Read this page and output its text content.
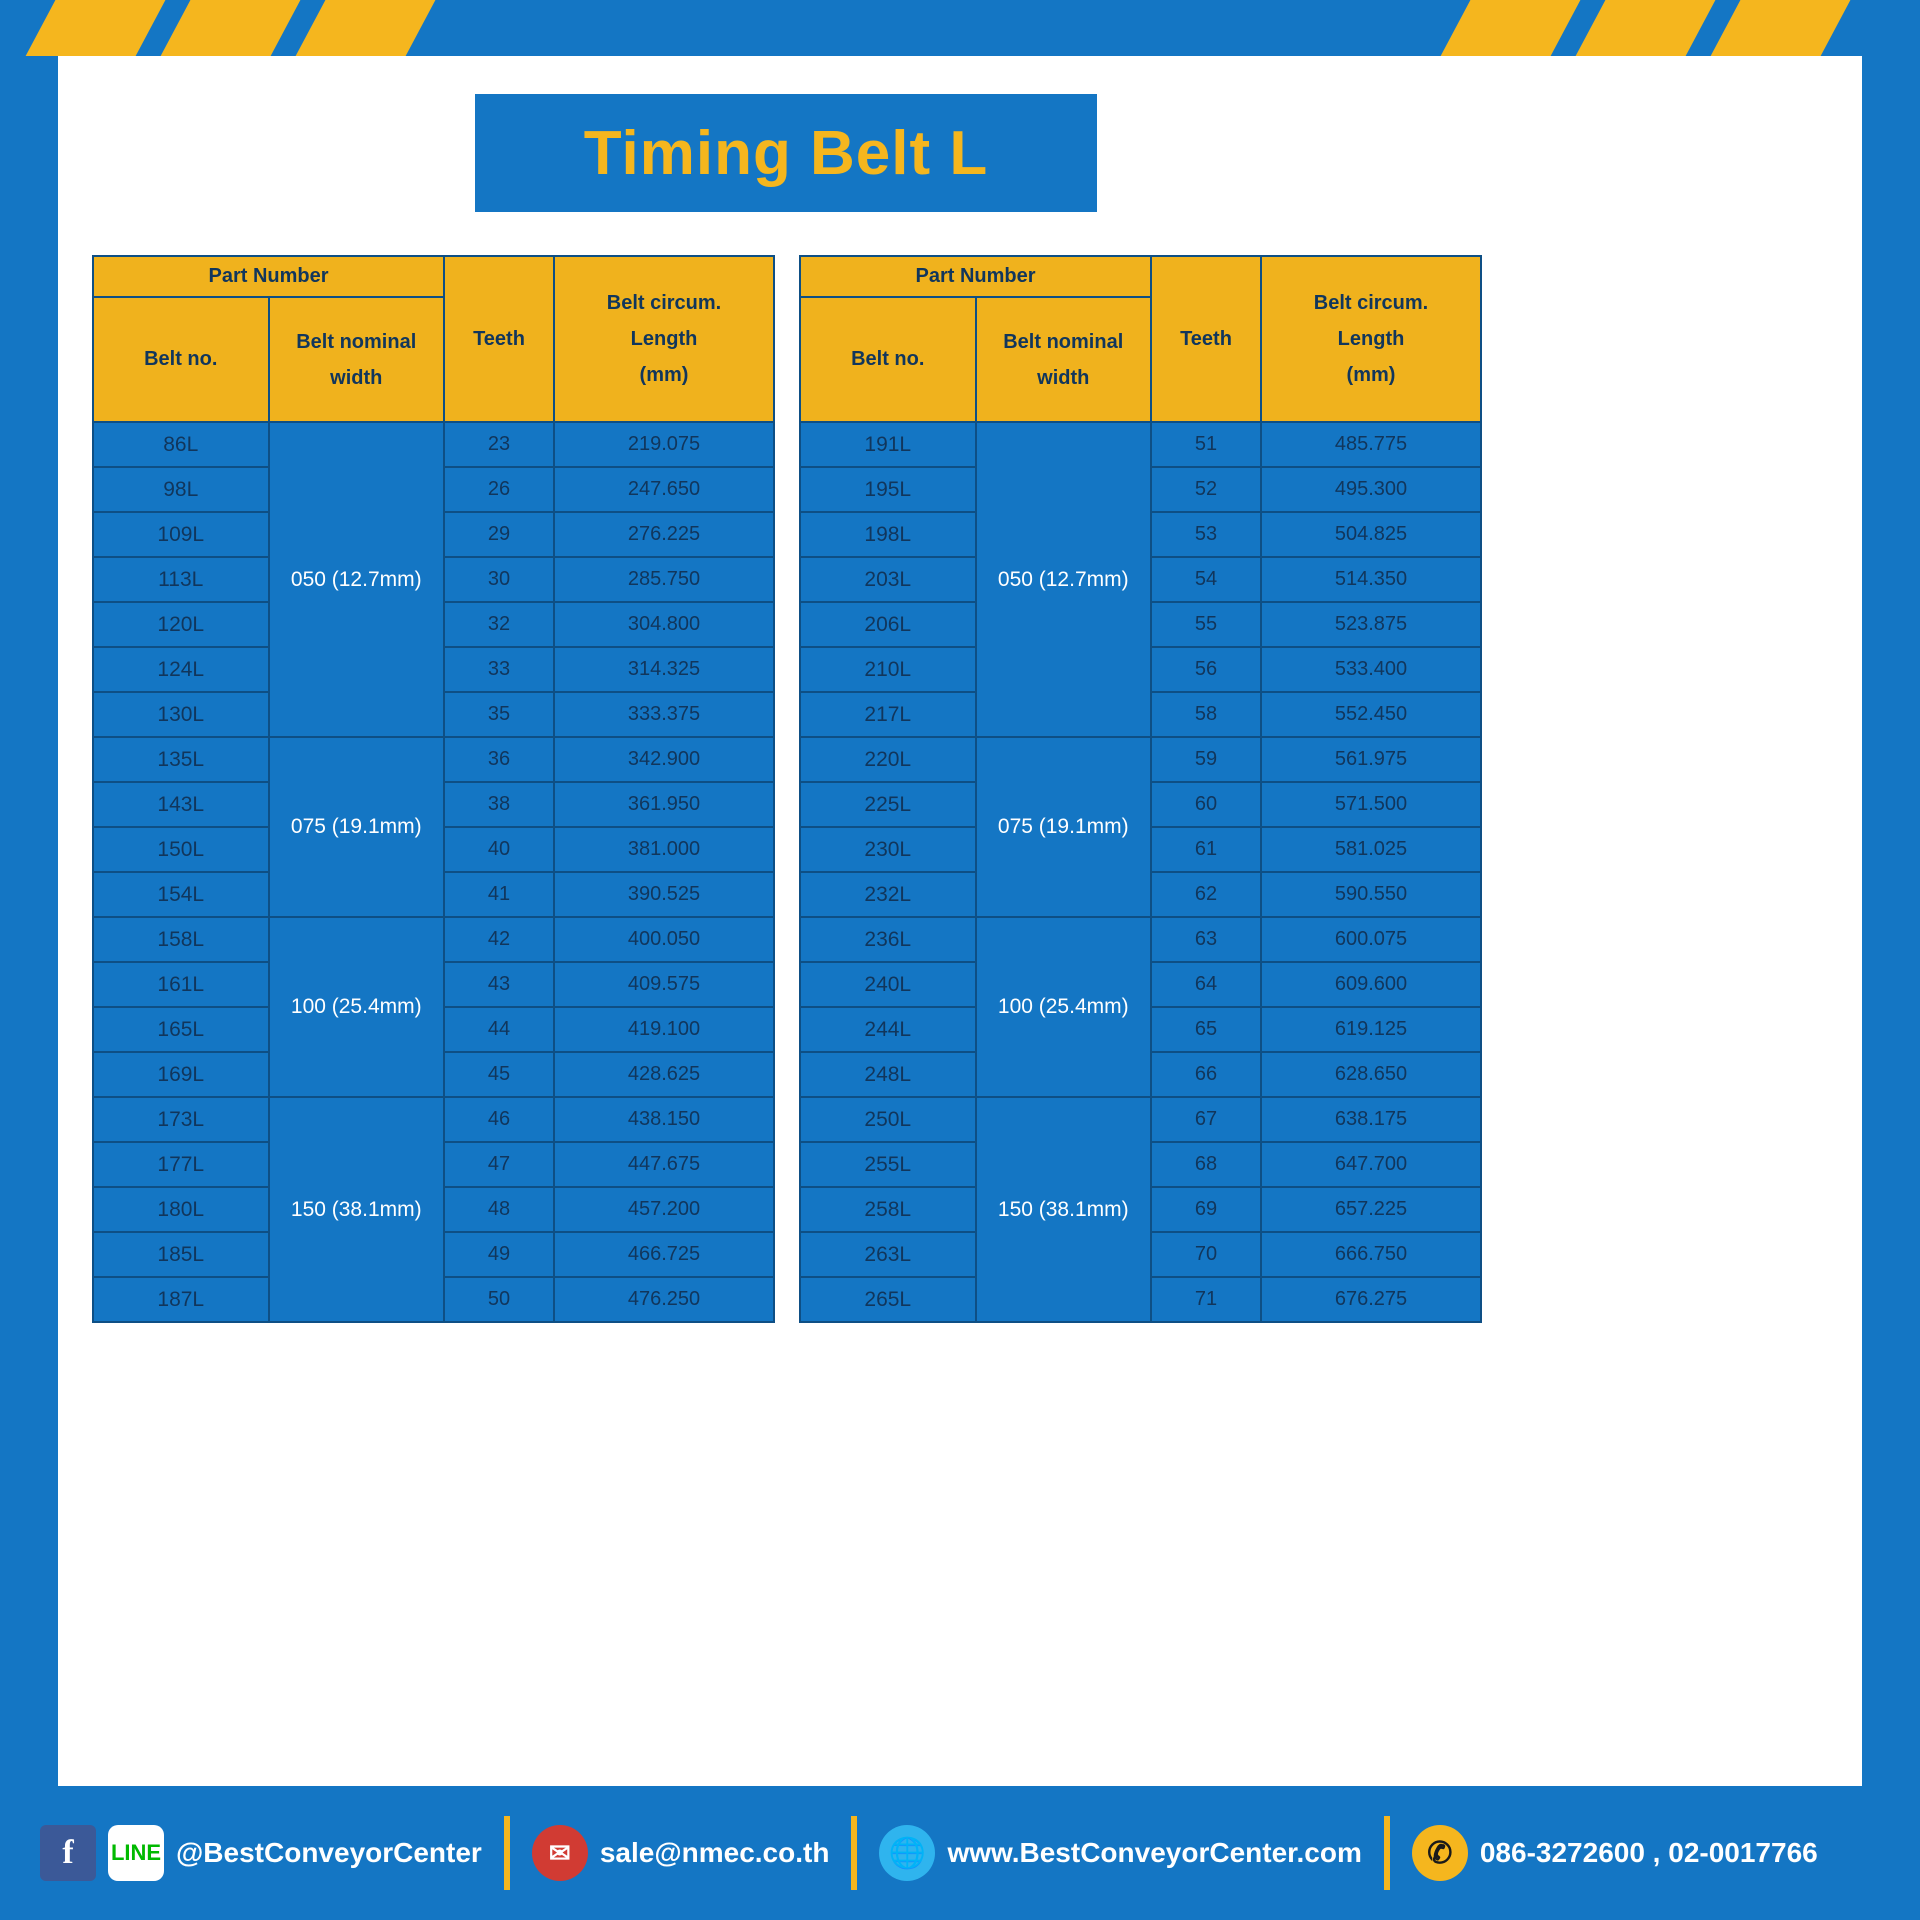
Timing Belt L
Part Number		Teeth	Belt circum.
Length
(mm)

Belt no.	Belt nominal
width		

86L	050 (12.7mm)	23	219.075
98L		26	247.650
109L		29	276.225
113L		30	285.750
120L		32	304.800
124L		33	314.325
130L		35	333.375
135L	075 (19.1mm)	36	342.900
143L		38	361.950
150L		40	381.000
154L		41	390.525
158L	100 (25.4mm)	42	400.050
161L		43	409.575
165L		44	419.100
169L		45	428.625
173L	150 (38.1mm)	46	438.150
177L		47	447.675
180L		48	457.200
185L		49	466.725
187L		50	476.250
Part Number		Teeth	Belt circum.
Length
(mm)

Belt no.	Belt nominal
width		

191L	050 (12.7mm)	51	485.775
195L		52	495.300
198L		53	504.825
203L		54	514.350
206L		55	523.875
210L		56	533.400
217L		58	552.450
220L	075 (19.1mm)	59	561.975
225L		60	571.500
230L		61	581.025
232L		62	590.550
236L	100 (25.4mm)	63	600.075
240L		64	609.600
244L		65	619.125
248L		66	628.650
250L	150 (38.1mm)	67	638.175
255L		68	647.700
258L		69	657.225
263L		70	666.750
265L		71	676.275
f	LINE @BestConveyorCenter	✉	sale@nmec.co.th	🌐 www.BestConveyorCenter.com	✆ 086-3272600 , 02-0017766
